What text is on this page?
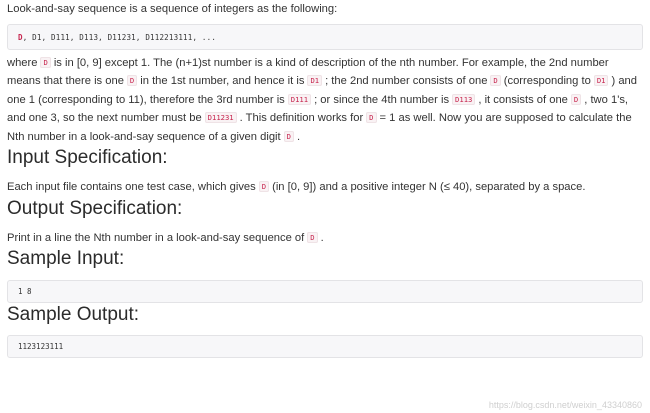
Look-and-say sequence is a sequence of integers as the following:

D, D1, D111, D113, D11231, D112213111, ...

where D is in [0, 9] except 1. The (n+1)st number is a kind of description of the nth number. For example, the 2nd number means that there is one D in the 1st number, and hence it is D1 ; the 2nd number consists of one D (corresponding to D1 ) and one 1 (corresponding to 11), therefore the 3rd number is D111 ; or since the 4th number is D113 , it consists of one D , two 1's, and one 3, so the next number must be D11231 . This definition works for D = 1 as well. Now you are supposed to calculate the Nth number in a look-and-say sequence of a given digit D .

Input Specification:

Each input file contains one test case, which gives D (in [0, 9]) and a positive integer N (≤ 40), separated by a space.

Output Specification:

Print in a line the Nth number in a look-and-say sequence of D .

Sample Input:
1 8
Sample Output:
1123123111
https://blog.csdn.net/weixin_43340860
